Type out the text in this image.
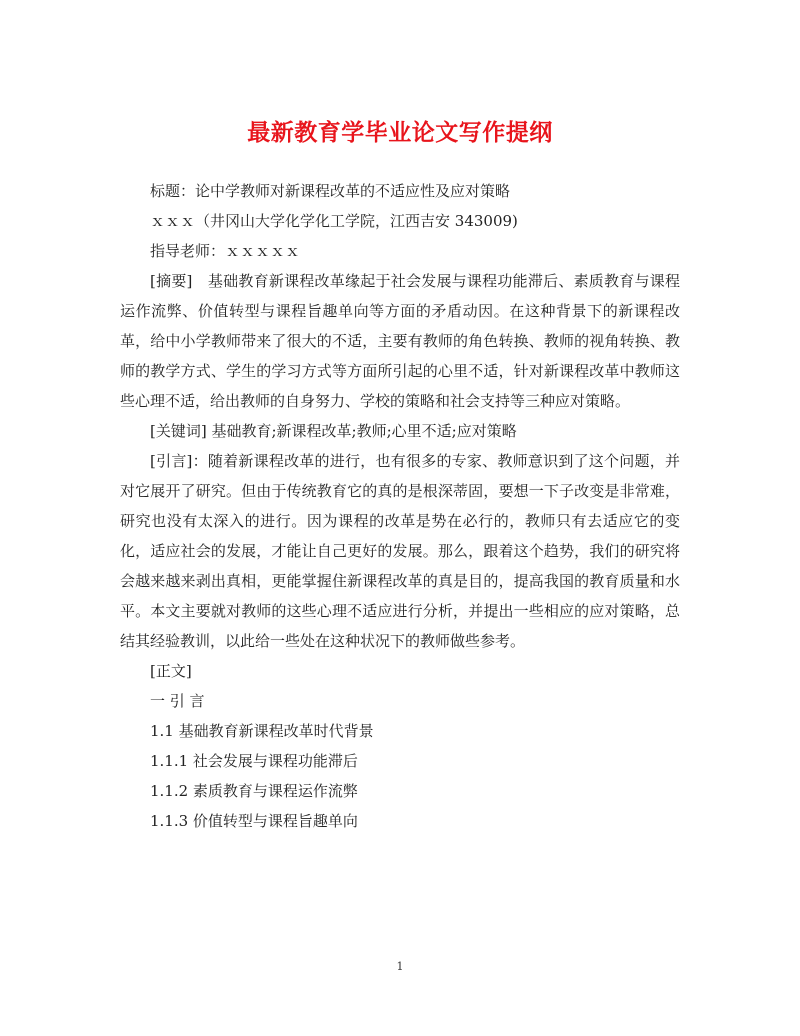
最新教育学毕业论文写作提纲
标题：论中学教师对新课程改革的不适应性及应对策略
ｘｘｘ（井冈山大学化学化工学院，江西吉安 343009)
指导老师：ｘｘｘｘｘ
[摘要]　基础教育新课程改革缘起于社会发展与课程功能滞后、素质教育与课程运作流弊、价值转型与课程旨趣单向等方面的矛盾动因。在这种背景下的新课程改革，给中小学教师带来了很大的不适，主要有教师的角色转换、教师的视角转换、教师的教学方式、学生的学习方式等方面所引起的心里不适，针对新课程改革中教师这些心理不适，给出教师的自身努力、学校的策略和社会支持等三种应对策略。
[关键词] 基础教育;新课程改革;教师;心里不适;应对策略
[引言]：随着新课程改革的进行，也有很多的专家、教师意识到了这个问题，并对它展开了研究。但由于传统教育它的真的是根深蒂固，要想一下子改变是非常难，研究也没有太深入的进行。因为课程的改革是势在必行的，教师只有去适应它的变化，适应社会的发展，才能让自己更好的发展。那么，跟着这个趋势，我们的研究将会越来越来剥出真相，更能掌握住新课程改革的真是目的，提高我国的教育质量和水平。本文主要就对教师的这些心理不适应进行分析，并提出一些相应的应对策略，总结其经验教训，以此给一些处在这种状况下的教师做些参考。
[正文]
一 引 言
1.1 基础教育新课程改革时代背景
1.1.1 社会发展与课程功能滞后
1.1.2 素质教育与课程运作流弊
1.1.3 价值转型与课程旨趣单向
1
